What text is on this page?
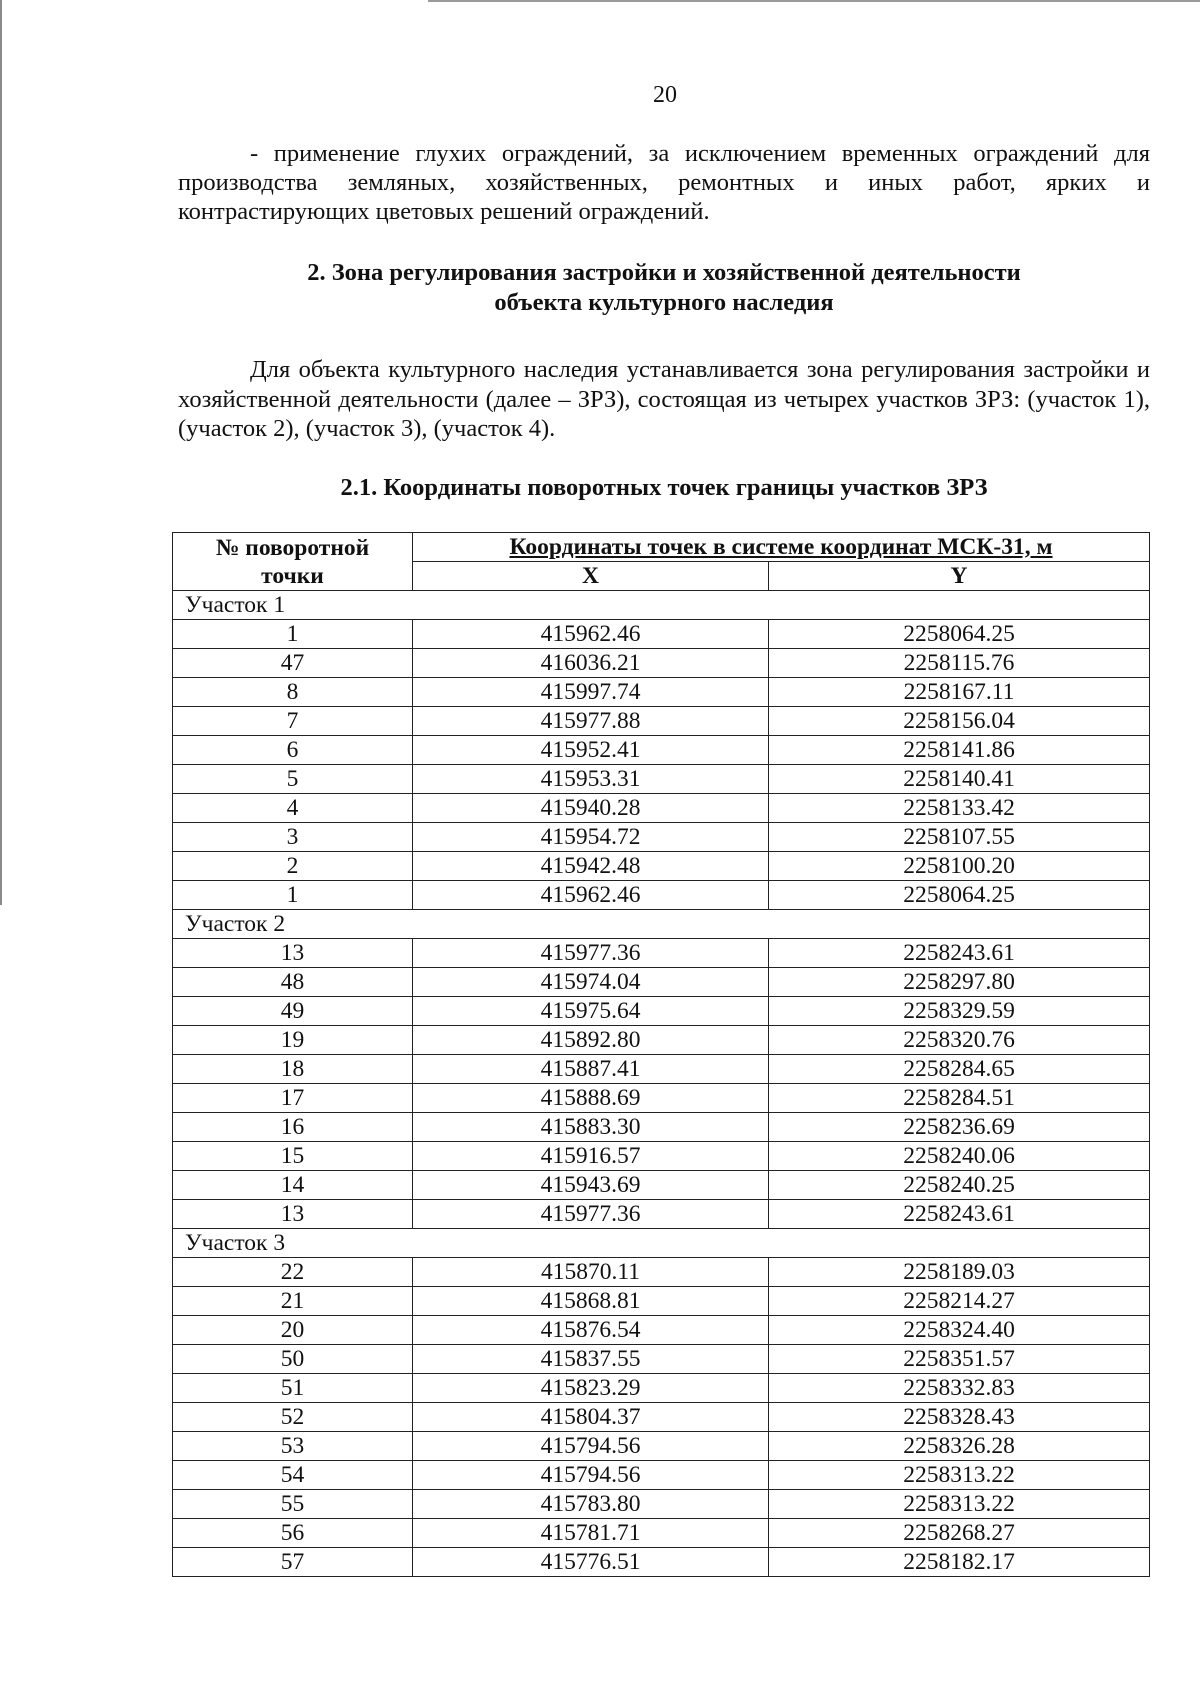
20

- применение глухих ограждений, за исключением временных ограждений для производства земляных, хозяйственных, ремонтных и иных работ, ярких и контрастирующих цветовых решений ограждений.

2. Зона регулирования застройки и хозяйственной деятельности
объекта культурного наследия

Для объекта культурного наследия устанавливается зона регулирования застройки и хозяйственной деятельности (далее – ЗРЗ), состоящая из четырех участков ЗРЗ: (участок 1), (участок 2), (участок 3), (участок 4).

2.1. Координаты поворотных точек границы участков ЗРЗ
№ поворотной
точки	Координаты точек в системе координат МСК-31, м	
	X	Y
Участок 1		
1	415962.46	2258064.25
47	416036.21	2258115.76
8	415997.74	2258167.11
7	415977.88	2258156.04
6	415952.41	2258141.86
5	415953.31	2258140.41
4	415940.28	2258133.42
3	415954.72	2258107.55
2	415942.48	2258100.20
1	415962.46	2258064.25
Участок 2		
13	415977.36	2258243.61
48	415974.04	2258297.80
49	415975.64	2258329.59
19	415892.80	2258320.76
18	415887.41	2258284.65
17	415888.69	2258284.51
16	415883.30	2258236.69
15	415916.57	2258240.06
14	415943.69	2258240.25
13	415977.36	2258243.61
Участок 3		
22	415870.11	2258189.03
21	415868.81	2258214.27
20	415876.54	2258324.40
50	415837.55	2258351.57
51	415823.29	2258332.83
52	415804.37	2258328.43
53	415794.56	2258326.28
54	415794.56	2258313.22
55	415783.80	2258313.22
56	415781.71	2258268.27
57	415776.51	2258182.17
